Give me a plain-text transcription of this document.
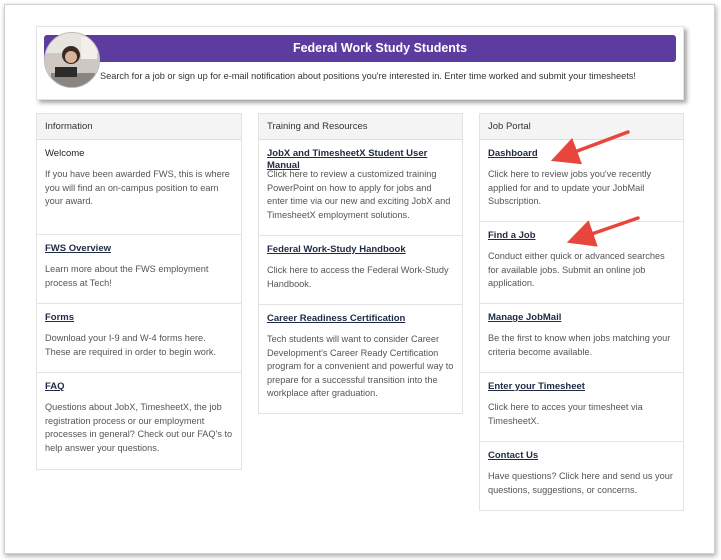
Federal Work Study Students
Search for a job or sign up for e-mail notification about positions you're interested in. Enter time worked and submit your timesheets!
Information
Welcome
If you have been awarded FWS, this is where you will find an on-campus position to earn your award.
FWS Overview
Learn more about the FWS employment process at Tech!
Forms
Download your I-9 and W-4 forms here. These are required in order to begin work.
FAQ
Questions about JobX, TimesheetX, the job registration process or our employment processes in general? Check out our FAQ's to help answer your questions.
Training and Resources
JobX and TimesheetX Student User Manual
Click here to review a customized training PowerPoint on how to apply for jobs and enter time via our new and exciting JobX and TimesheetX employment solutions.
Federal Work-Study Handbook
Click here to access the Federal Work-Study Handbook.
Career Readiness Certification
Tech students will want to consider Career Development's Career Ready Certification program for a convenient and powerful way to prepare for a successful transition into the workplace after graduation.
Job Portal
Dashboard
Click here to review jobs you've recently applied for and to update your JobMail Subscription.
Find a Job
Conduct either quick or advanced searches for available jobs. Submit an online job application.
Manage JobMail
Be the first to know when jobs matching your criteria become available.
Enter your Timesheet
Click here to acces your timesheet via TimesheetX.
Contact Us
Have questions? Click here and send us your questions, suggestions, or concerns.
